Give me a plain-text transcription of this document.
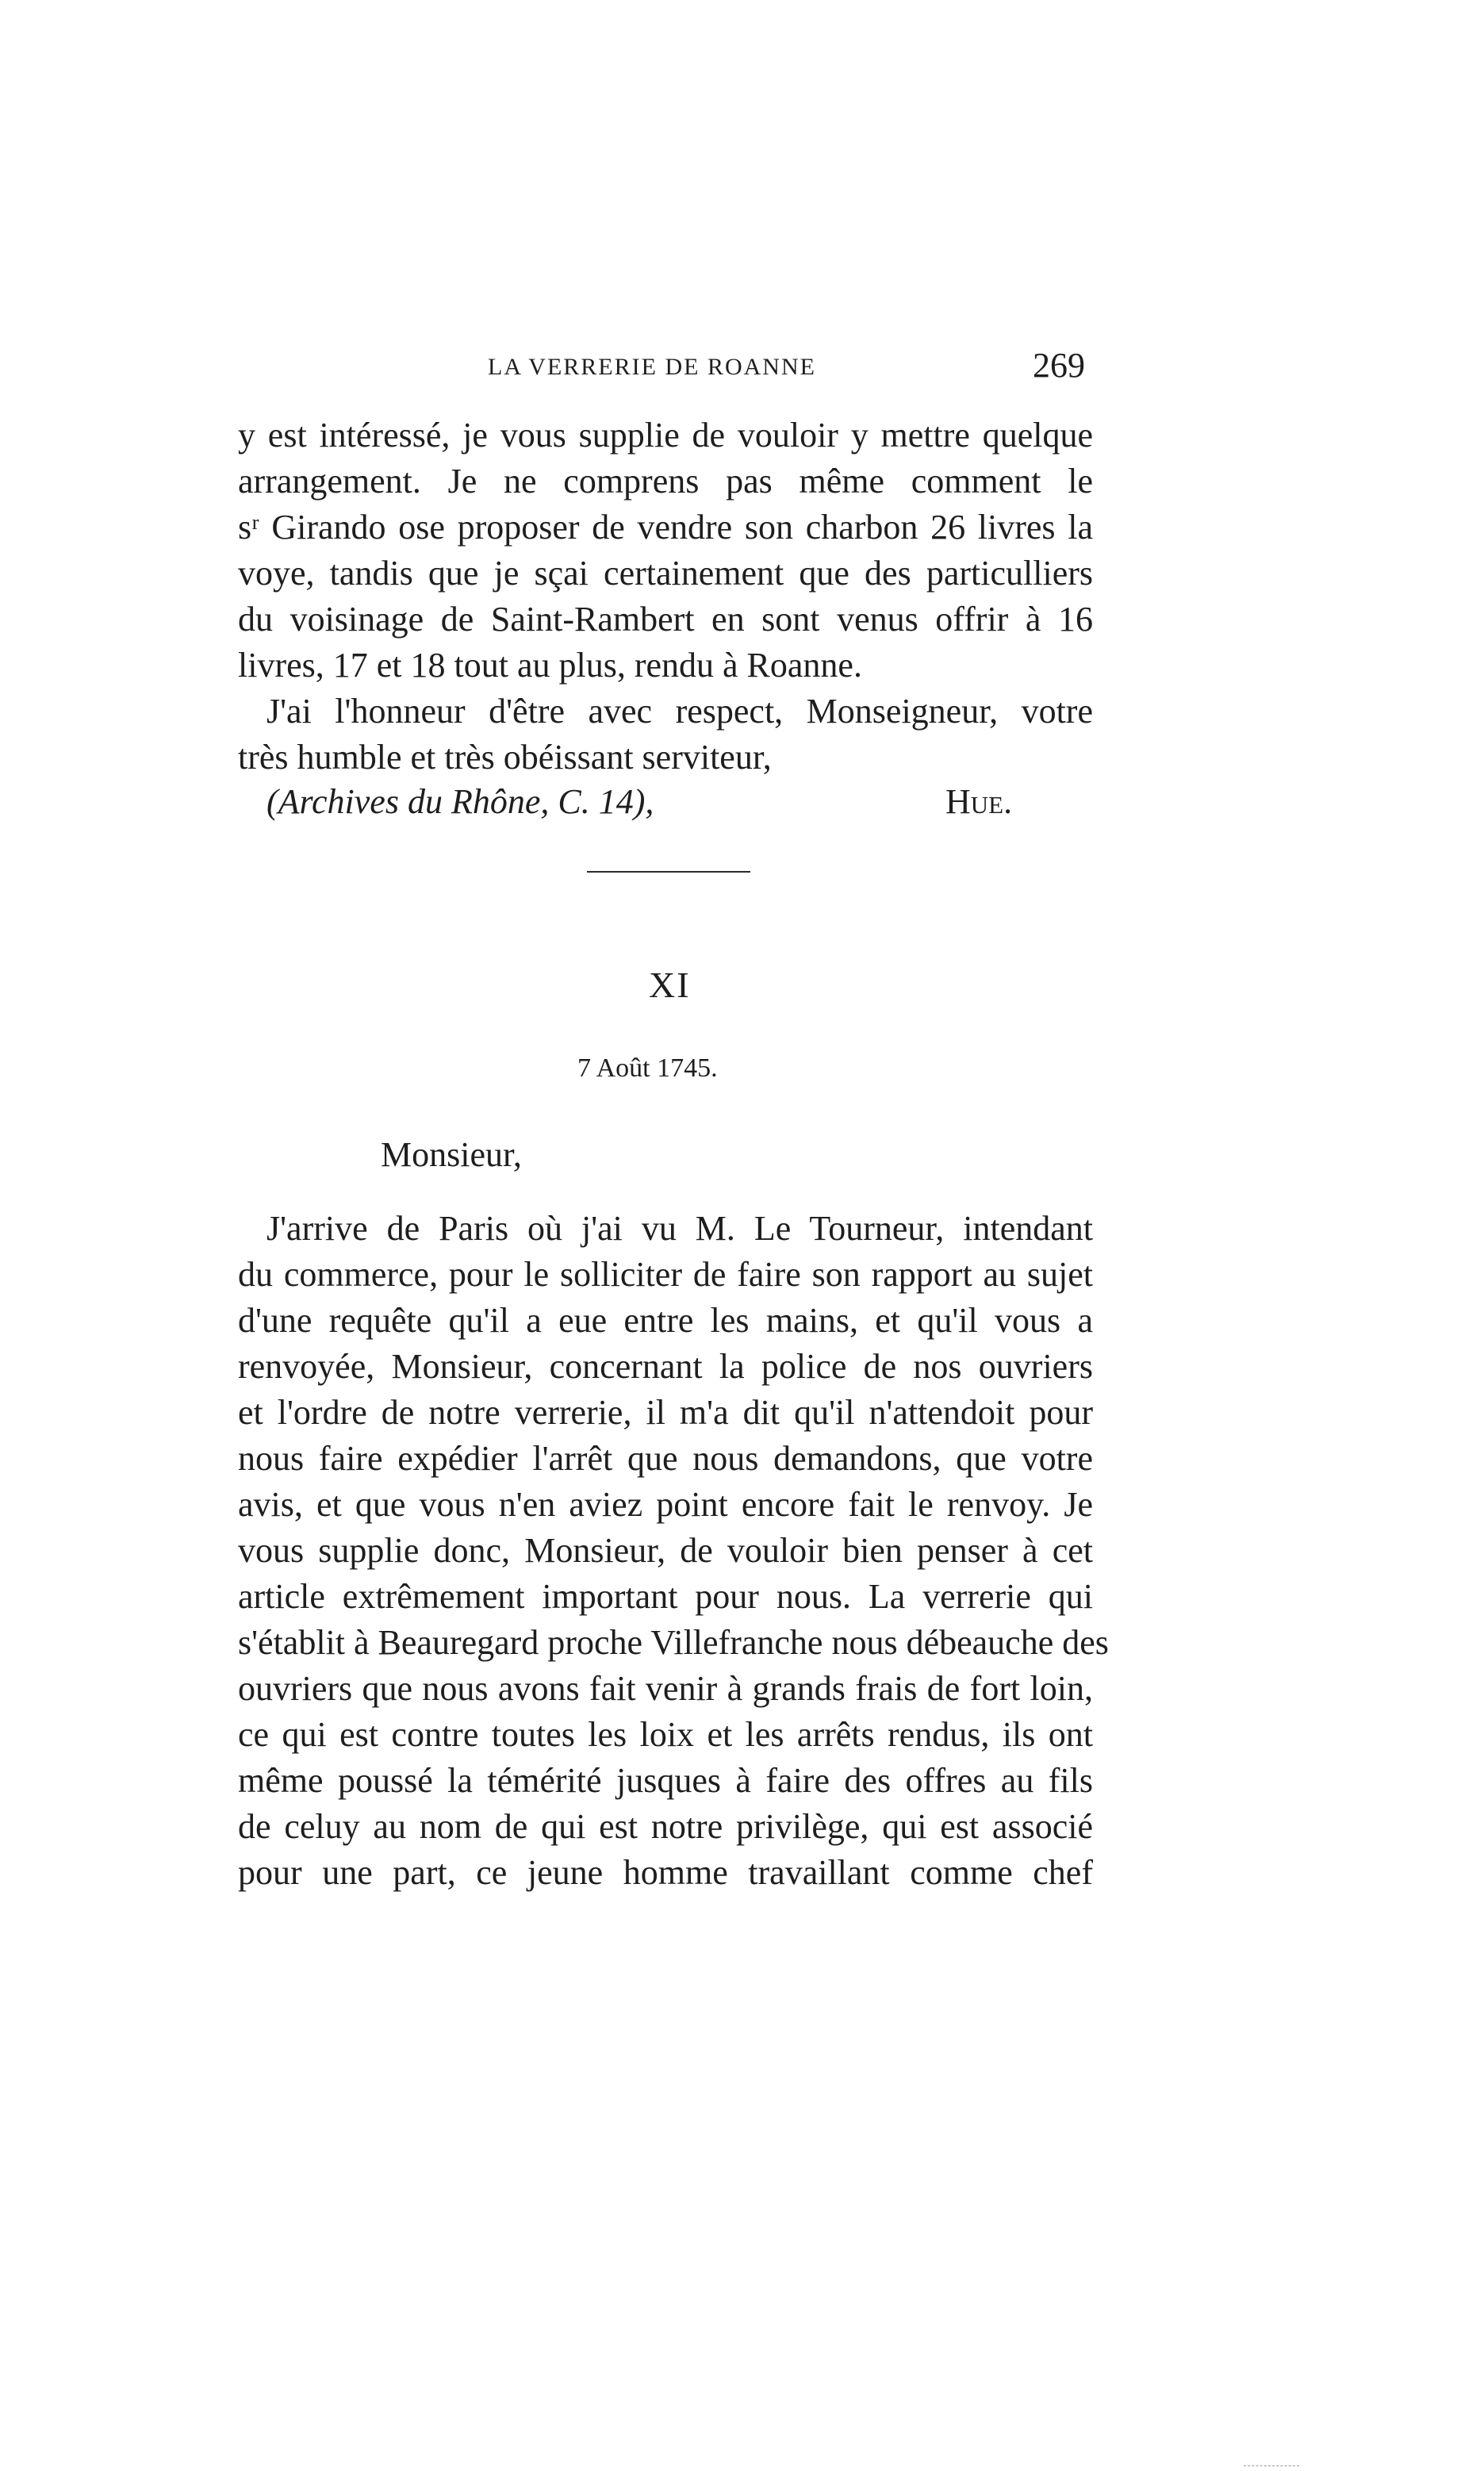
LA VERRERIE DE ROANNE	269
y est intéressé, je vous supplie de vouloir y mettre quelque
arrangement. Je ne comprens pas même comment le
sʳ Girando ose proposer de vendre son charbon 26 livres la
voye, tandis que je sçai certainement que des particulliers
du voisinage de Saint-Rambert en sont venus offrir à 16
livres, 17 et 18 tout au plus, rendu à Roanne.
J'ai l'honneur d'être avec respect, Monseigneur, votre
très humble et très obéissant serviteur,
(Archives du Rhône, C. 14),	Hue.
XI
7 Août 1745.
Monsieur,
J'arrive de Paris où j'ai vu M. Le Tourneur, intendant
du commerce, pour le solliciter de faire son rapport au sujet
d'une requête qu'il a eue entre les mains, et qu'il vous a
renvoyée, Monsieur, concernant la police de nos ouvriers
et l'ordre de notre verrerie, il m'a dit qu'il n'attendoit pour
nous faire expédier l'arrêt que nous demandons, que votre
avis, et que vous n'en aviez point encore fait le renvoy. Je
vous supplie donc, Monsieur, de vouloir bien penser à cet
article extrêmement important pour nous. La verrerie qui
s'établit à Beauregard proche Villefranche nous débeauche des
ouvriers que nous avons fait venir à grands frais de fort loin,
ce qui est contre toutes les loix et les arrêts rendus, ils ont
même poussé la témérité jusques à faire des offres au fils
de celuy au nom de qui est notre privilège, qui est associé
pour une part, ce jeune homme travaillant comme chef
